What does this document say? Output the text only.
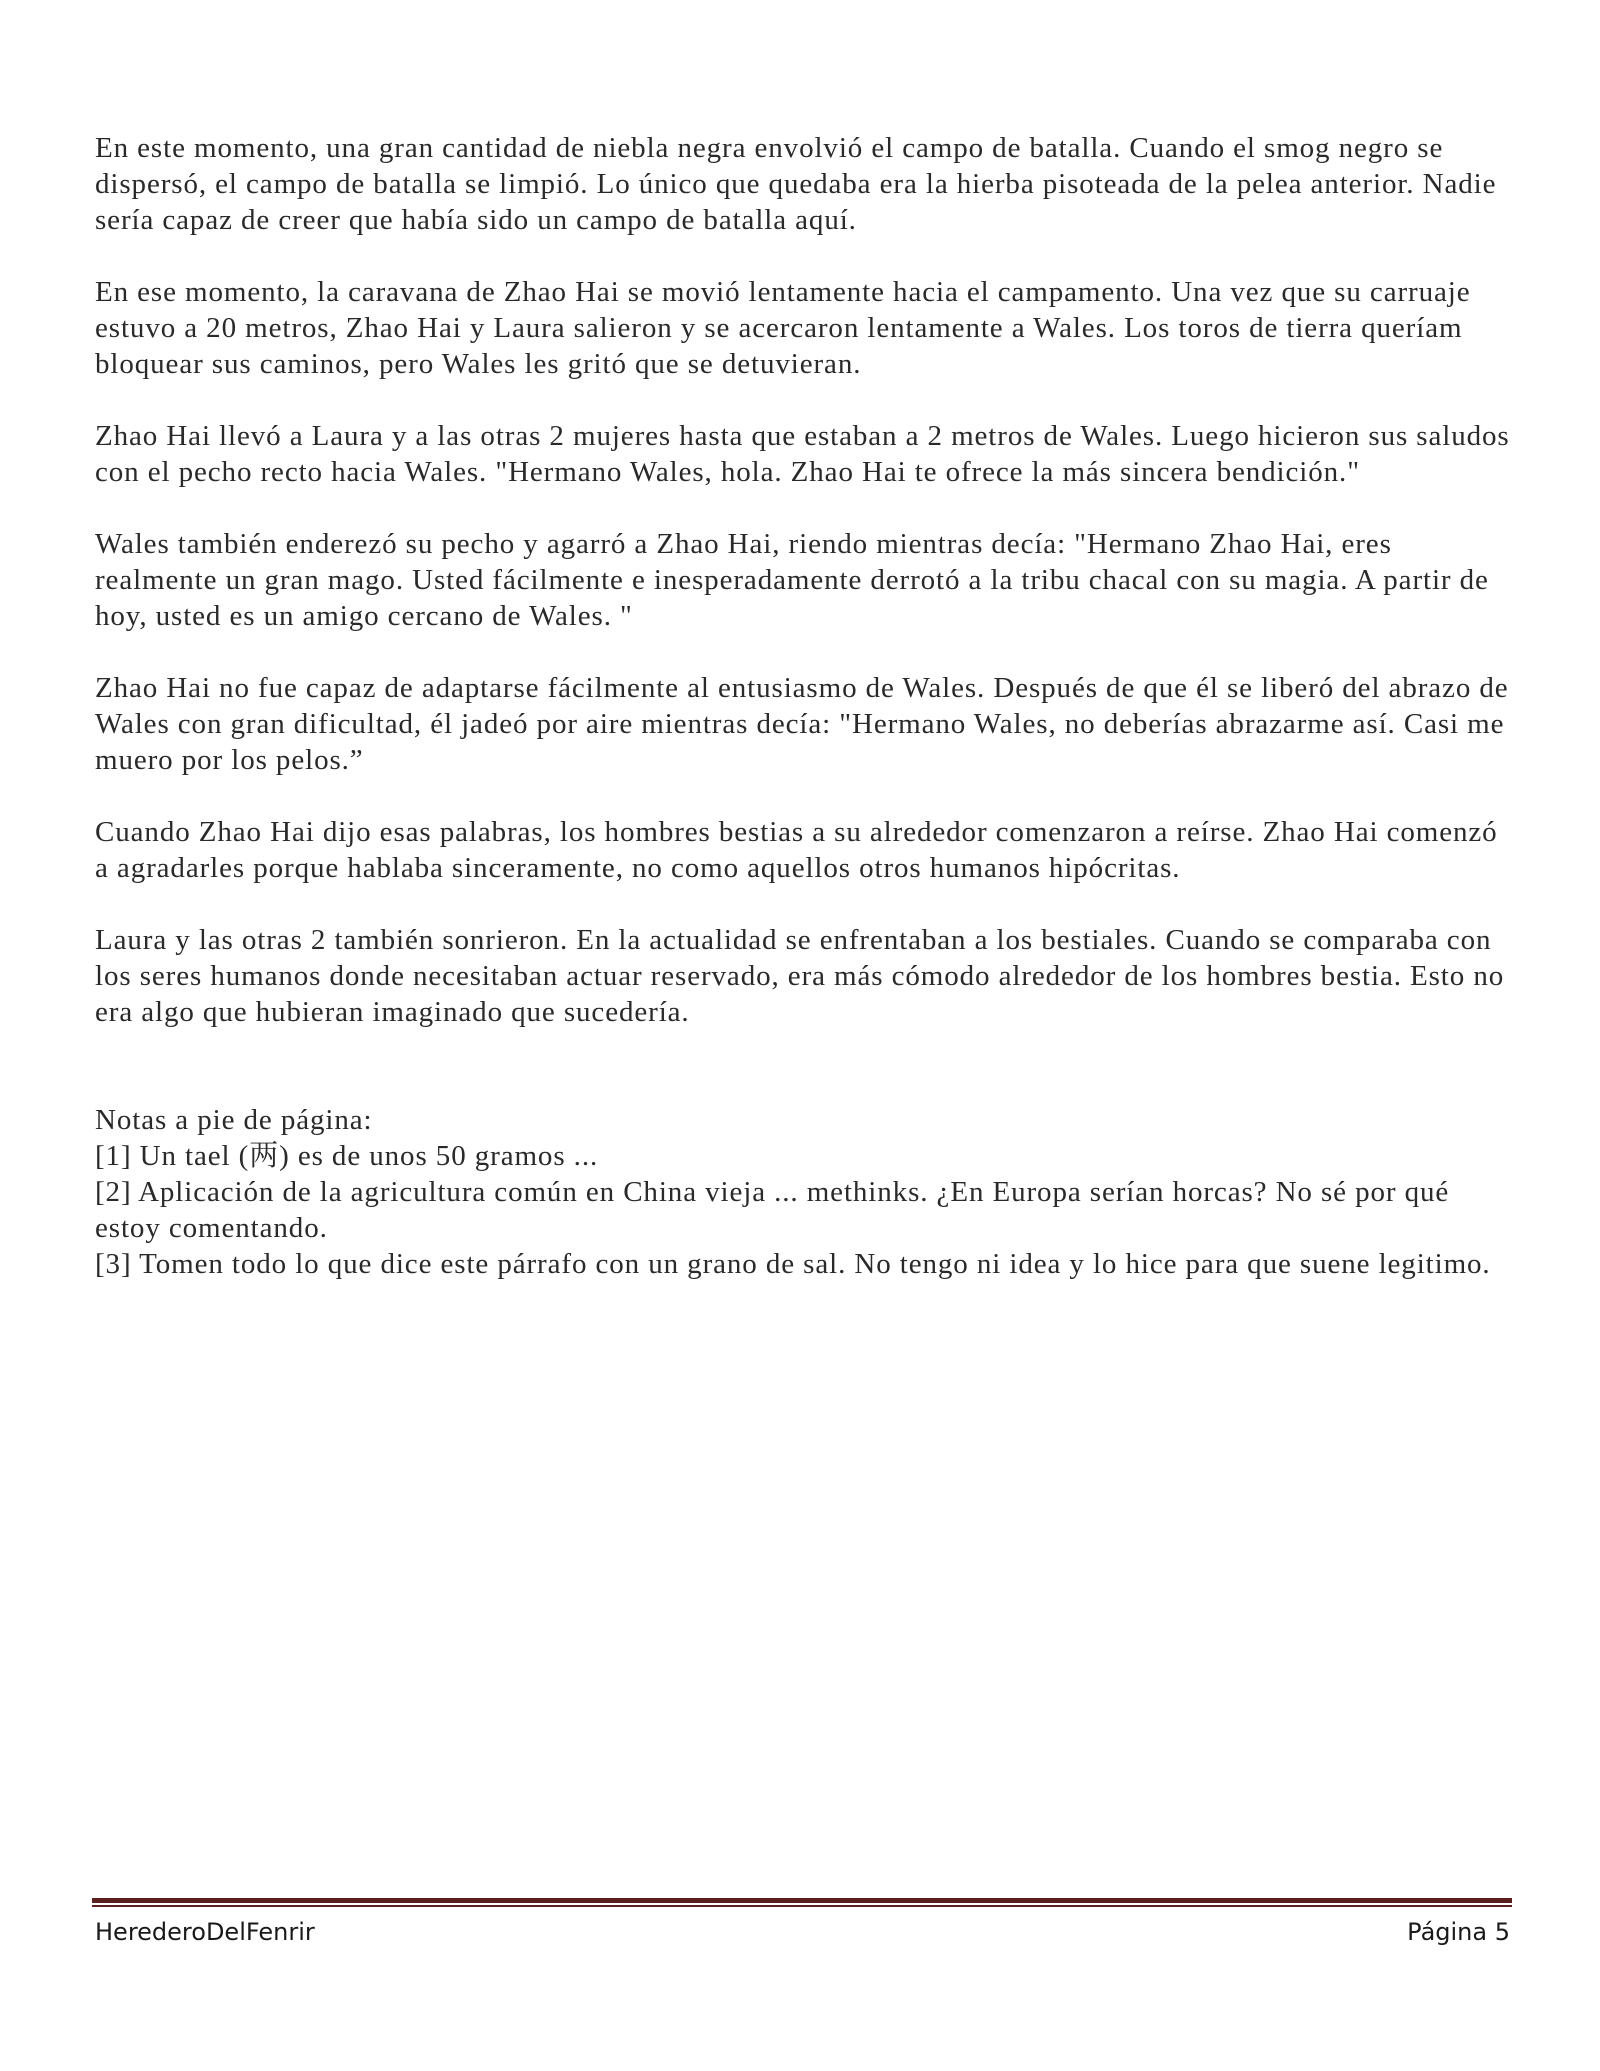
En este momento, una gran cantidad de niebla negra envolvió el campo de batalla. Cuando el smog negro se dispersó, el campo de batalla se limpió. Lo único que quedaba era la hierba pisoteada de la pelea anterior. Nadie sería capaz de creer que había sido un campo de batalla aquí.

En ese momento, la caravana de Zhao Hai se movió lentamente hacia el campamento. Una vez que su carruaje estuvo a 20 metros, Zhao Hai y Laura salieron y se acercaron lentamente a Wales. Los toros de tierra queríam bloquear sus caminos, pero Wales les gritó que se detuvieran.

Zhao Hai llevó a Laura y a las otras 2 mujeres hasta que estaban a 2 metros de Wales. Luego hicieron sus saludos con el pecho recto hacia Wales. "Hermano Wales, hola. Zhao Hai te ofrece la más sincera bendición."

Wales también enderezó su pecho y agarró a Zhao Hai, riendo mientras decía: "Hermano Zhao Hai, eres realmente un gran mago. Usted fácilmente e inesperadamente derrotó a la tribu chacal con su magia. A partir de hoy, usted es un amigo cercano de Wales. "

Zhao Hai no fue capaz de adaptarse fácilmente al entusiasmo de Wales. Después de que él se liberó del abrazo de Wales con gran dificultad, él jadeó por aire mientras decía: "Hermano Wales, no deberías abrazarme así. Casi me muero por los pelos.”

Cuando Zhao Hai dijo esas palabras, los hombres bestias a su alrededor comenzaron a reírse. Zhao Hai comenzó a agradarles porque hablaba sinceramente, no como aquellos otros humanos hipócritas.

Laura y las otras 2 también sonrieron. En la actualidad se enfrentaban a los bestiales. Cuando se comparaba con los seres humanos donde necesitaban actuar reservado, era más cómodo alrededor de los hombres bestia. Esto no era algo que hubieran imaginado que sucedería.

Notas a pie de página:

[1] Un tael (两) es de unos 50 gramos ...

[2] Aplicación de la agricultura común en China vieja ... methinks. ¿En Europa serían horcas? No sé por qué estoy comentando.

[3] Tomen todo lo que dice este párrafo con un grano de sal. No tengo ni idea y lo hice para que suene legitimo.

HerederoDelFenrir	Página 5
